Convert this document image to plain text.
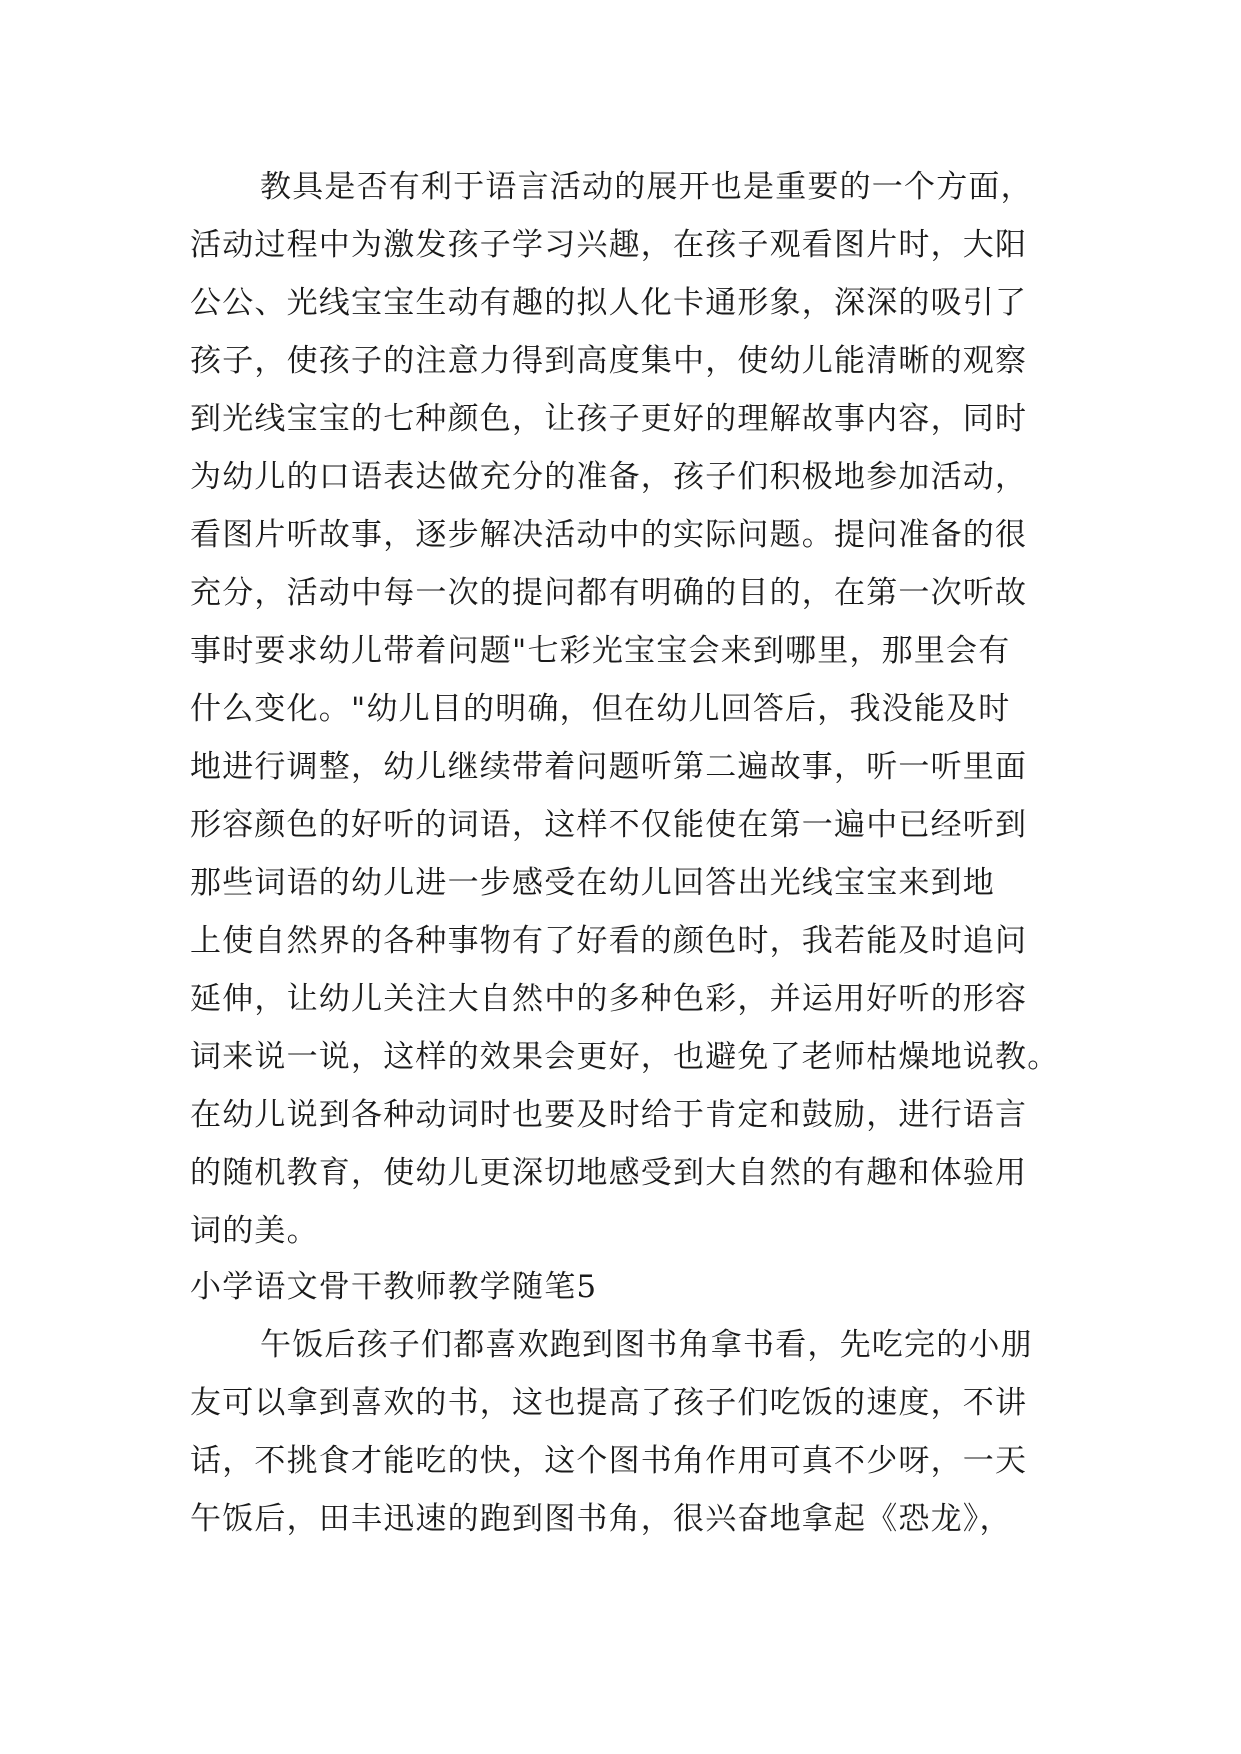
教具是否有利于语言活动的展开也是重要的一个方面，
活动过程中为激发孩子学习兴趣，在孩子观看图片时，大阳
公公、光线宝宝生动有趣的拟人化卡通形象，深深的吸引了
孩子，使孩子的注意力得到高度集中，使幼儿能清晰的观察
到光线宝宝的七种颜色，让孩子更好的理解故事内容，同时
为幼儿的口语表达做充分的准备，孩子们积极地参加活动，
看图片听故事，逐步解决活动中的实际问题。提问准备的很
充分，活动中每一次的提问都有明确的目的，在第一次听故
事时要求幼儿带着问题"七彩光宝宝会来到哪里，那里会有
什么变化。"幼儿目的明确，但在幼儿回答后，我没能及时
地进行调整，幼儿继续带着问题听第二遍故事，听一听里面
形容颜色的好听的词语，这样不仅能使在第一遍中已经听到
那些词语的幼儿进一步感受在幼儿回答出光线宝宝来到地
上使自然界的各种事物有了好看的颜色时，我若能及时追问
延伸，让幼儿关注大自然中的多种色彩，并运用好听的形容
词来说一说，这样的效果会更好，也避免了老师枯燥地说教。
在幼儿说到各种动词时也要及时给于肯定和鼓励，进行语言
的随机教育，使幼儿更深切地感受到大自然的有趣和体验用
词的美。
小学语文骨干教师教学随笔5
午饭后孩子们都喜欢跑到图书角拿书看，先吃完的小朋
友可以拿到喜欢的书，这也提高了孩子们吃饭的速度，不讲
话，不挑食才能吃的快，这个图书角作用可真不少呀，一天
午饭后，田丰迅速的跑到图书角，很兴奋地拿起《恐龙》，
